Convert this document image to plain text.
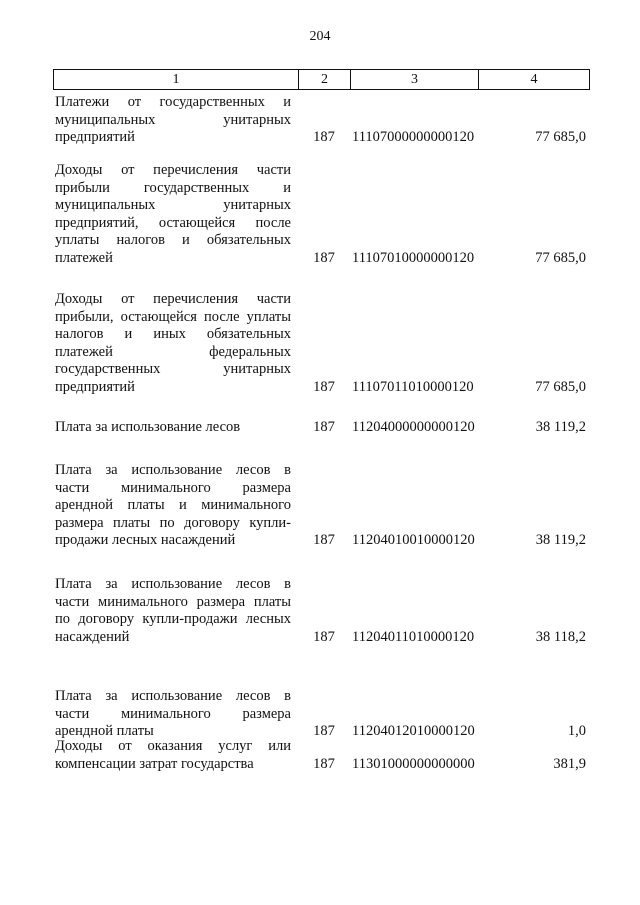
204
1	2	3	4
Платежи от государственных и
муниципальных унитарных
предприятий	187	11107000000000120	77 685,0
Доходы от перечисления части
прибыли государственных и
муниципальных унитарных
предприятий, остающейся после
уплаты налогов и обязательных
платежей	187	11107010000000120	77 685,0
Доходы от перечисления части
прибыли, остающейся после уплаты
налогов и иных обязательных
платежей федеральных
государственных унитарных
предприятий	187	11107011010000120	77 685,0
Плата за использование лесов	187	11204000000000120	38 119,2
Плата за использование лесов в
части минимального размера
арендной платы и минимального
размера платы по договору купли-
продажи лесных насаждений	187	11204010010000120	38 119,2
Плата за использование лесов в
части минимального размера платы
по договору купли-продажи лесных
насаждений	187	11204011010000120	38 118,2
Плата за использование лесов в
части минимального размера
арендной платы	187	11204012010000120	1,0
Доходы от оказания услуг или
компенсации затрат государства	187	11301000000000000	381,9
